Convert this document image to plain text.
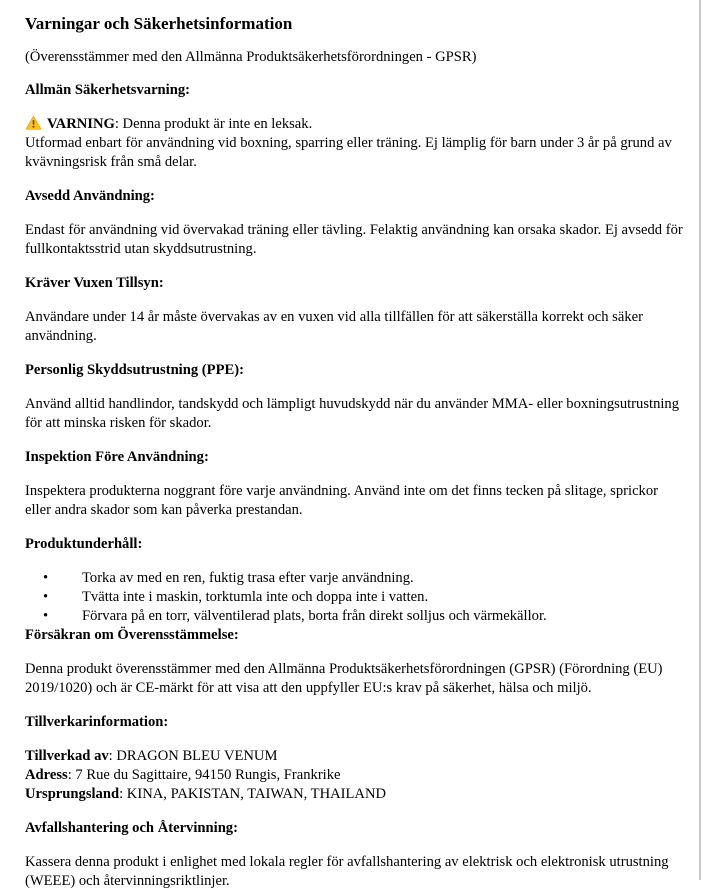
Varningar och Säkerhetsinformation

(Överensstämmer med den Allmänna Produktsäkerhetsförordningen - GPSR)

Allmän Säkerhetsvarning:
VARNING: Denna produkt är inte en leksak.
Utformad enbart för användning vid boxning, sparring eller träning. Ej lämplig för barn under 3 år på grund av kvävningsrisk från små delar.
Avsedd Användning:

Endast för användning vid övervakad träning eller tävling. Felaktig användning kan orsaka skador. Ej avsedd för fullkontaktsstrid utan skyddsutrustning.

Kräver Vuxen Tillsyn:

Användare under 14 år måste övervakas av en vuxen vid alla tillfällen för att säkerställa korrekt och säker användning.

Personlig Skyddsutrustning (PPE):

Använd alltid handlindor, tandskydd och lämpligt huvudskydd när du använder MMA- eller boxningsutrustning för att minska risken för skador.

Inspektion Före Användning:

Inspektera produkterna noggrant före varje användning. Använd inte om det finns tecken på slitage, sprickor eller andra skador som kan påverka prestandan.

Produktunderhåll:
•	Torka av med en ren, fuktig trasa efter varje användning.
•	Tvätta inte i maskin, torktumla inte och doppa inte i vatten.
•	Förvara på en torr, välventilerad plats, borta från direkt solljus och värmekällor.
Försäkran om Överensstämmelse:

Denna produkt överensstämmer med den Allmänna Produktsäkerhetsförordningen (GPSR) (Förordning (EU) 2019/1020) och är CE-märkt för att visa att den uppfyller EU:s krav på säkerhet, hälsa och miljö.

Tillverkarinformation:
Tillverkad av: DRAGON BLEU VENUM
Adress: 7 Rue du Sagittaire, 94150 Rungis, Frankrike
Ursprungsland: KINA, PAKISTAN, TAIWAN, THAILAND
Avfallshantering och Återvinning:

Kassera denna produkt i enlighet med lokala regler för avfallshantering av elektrisk och elektronisk utrustning (WEEE) och återvinningsriktlinjer.
